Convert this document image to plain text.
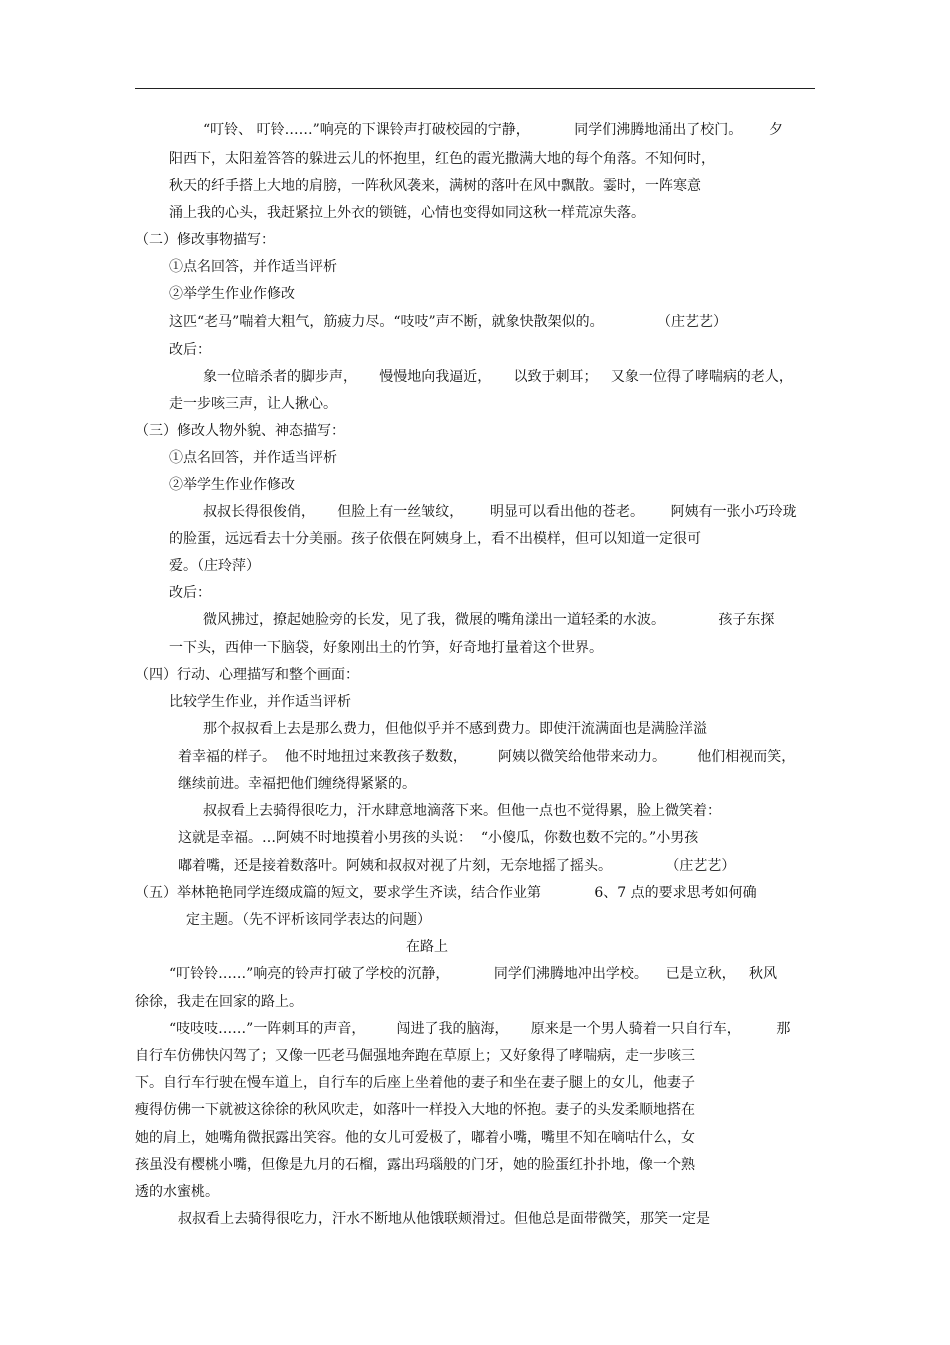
“叮铃、 叮铃……”响亮的下课铃声打破校园的宁静，          同学们沸腾地涌出了校门。      夕
阳西下，太阳羞答答的躲进云儿的怀抱里，红色的霞光撒满大地的每个角落。不知何时，
秋天的纤手搭上大地的肩膀，一阵秋风袭来，满树的落叶在风中飘散。霎时，一阵寒意
涌上我的心头，我赶紧拉上外衣的锁链，心情也变得如同这秋一样荒凉失落。
（二）修改事物描写：
①点名回答，并作适当评析
②举学生作业作修改
这匹“老马”喘着大粗气，筋疲力尽。“吱吱”声不断，就象快散架似的。            （庄艺艺）
改后：
象一位暗杀者的脚步声，     慢慢地向我逼近，     以致于刺耳；   又象一位得了哮喘病的老人，
走一步咳三声，让人揪心。
（三）修改人物外貌、神态描写：
①点名回答，并作适当评析
②举学生作业作修改
叔叔长得很俊俏，     但脸上有一丝皱纹，      明显可以看出他的苍老。      阿姨有一张小巧玲珑
的脸蛋，远远看去十分美丽。孩子依偎在阿姨身上，看不出模样，但可以知道一定很可
爱。（庄玲萍）
改后：
微风拂过，撩起她脸旁的长发，见了我，微展的嘴角漾出一道轻柔的水波。            孩子东探
一下头，西伸一下脑袋，好象刚出土的竹笋，好奇地打量着这个世界。
（四）行动、心理描写和整个画面：
比较学生作业，并作适当评析
那个叔叔看上去是那么费力，但他似乎并不感到费力。即使汗流满面也是满脸洋溢
着幸福的样子。  他不时地扭过来教孩子数数，       阿姨以微笑给他带来动力。       他们相视而笑，
继续前进。幸福把他们缠绕得紧紧的。
叔叔看上去骑得很吃力，汗水肆意地滴落下来。但他一点也不觉得累，脸上微笑着：
这就是幸福。…阿姨不时地摸着小男孩的头说：  “小傻瓜，你数也数不完的。”小男孩
嘟着嘴，还是接着数落叶。阿姨和叔叔对视了片刻，无奈地摇了摇头。            （庄艺艺）
（五）举林艳艳同学连缀成篇的短文，要求学生齐读，结合作业第            6、7 点的要求思考如何确
定主题。（先不评析该同学表达的问题）
在路上
“叮铃铃……”响亮的铃声打破了学校的沉静，          同学们沸腾地冲出学校。    已是立秋，   秋风
徐徐，我走在回家的路上。
“吱吱吱……”一阵刺耳的声音，       闯进了我的脑海，     原来是一个男人骑着一只自行车，        那
自行车仿佛快闪驾了；又像一匹老马倔强地奔跑在草原上；又好象得了哮喘病，走一步咳三
下。自行车行驶在慢车道上，自行车的后座上坐着他的妻子和坐在妻子腿上的女儿，他妻子
瘦得仿佛一下就被这徐徐的秋风吹走，如落叶一样投入大地的怀抱。妻子的头发柔顺地搭在
她的肩上，她嘴角微抿露出笑容。他的女儿可爱极了，嘟着小嘴，嘴里不知在嘀咕什么，女
孩虽没有樱桃小嘴，但像是九月的石榴，露出玛瑙般的门牙，她的脸蛋红扑扑地，像一个熟
透的水蜜桃。
叔叔看上去骑得很吃力，汗水不断地从他饿联颊滑过。但他总是面带微笑，那笑一定是
